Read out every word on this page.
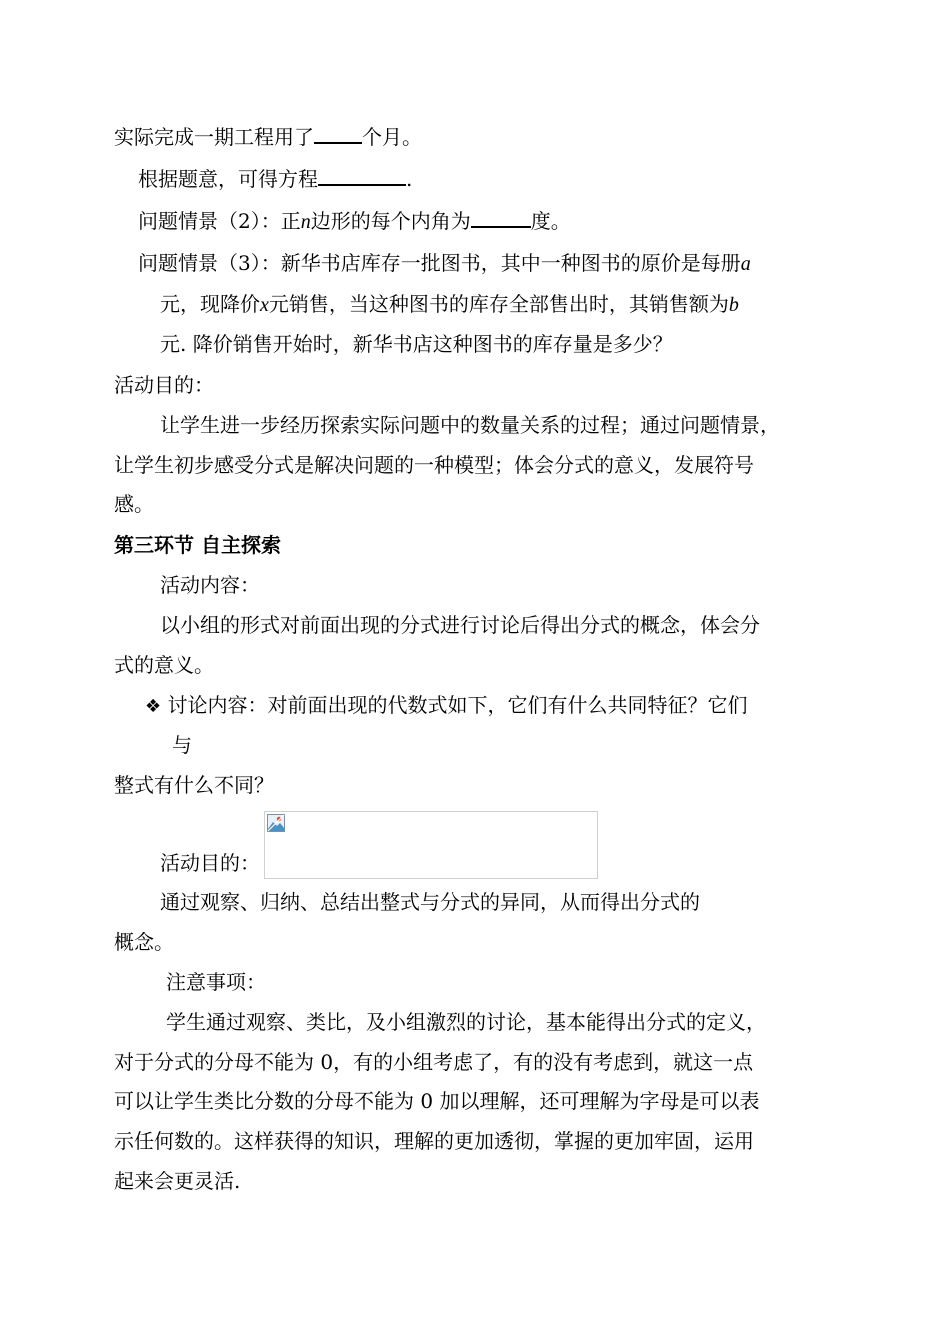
实际完成一期工程用了 个月。
根据题意，可得方程	.
问题情景（2）：正n边形的每个内角为	度。
问题情景（3）：新华书店库存一批图书，其中一种图书的原价是每册a
元，现降价x元销售，当这种图书的库存全部售出时，其销售额为b
元. 降价销售开始时，新华书店这种图书的库存量是多少？
活动目的：
让学生进一步经历探索实际问题中的数量关系的过程；通过问题情景，
让学生初步感受分式是解决问题的一种模型；体会分式的意义，发展符号
感。
第三环节 自主探索
活动内容：
以小组的形式对前面出现的分式进行讨论后得出分式的概念，体会分
式的意义。
❖ 讨论内容：对前面出现的代数式如下，它们有什么共同特征？它们
与
整式有什么不同？
活动目的：
通过观察、归纳、总结出整式与分式的异同，从而得出分式的
概念。
注意事项：
学生通过观察、类比，及小组激烈的讨论，基本能得出分式的定义，
对于分式的分母不能为 0，有的小组考虑了，有的没有考虑到，就这一点
可以让学生类比分数的分母不能为 0 加以理解，还可理解为字母是可以表
示任何数的。这样获得的知识，理解的更加透彻，掌握的更加牢固，运用
起来会更灵活.
